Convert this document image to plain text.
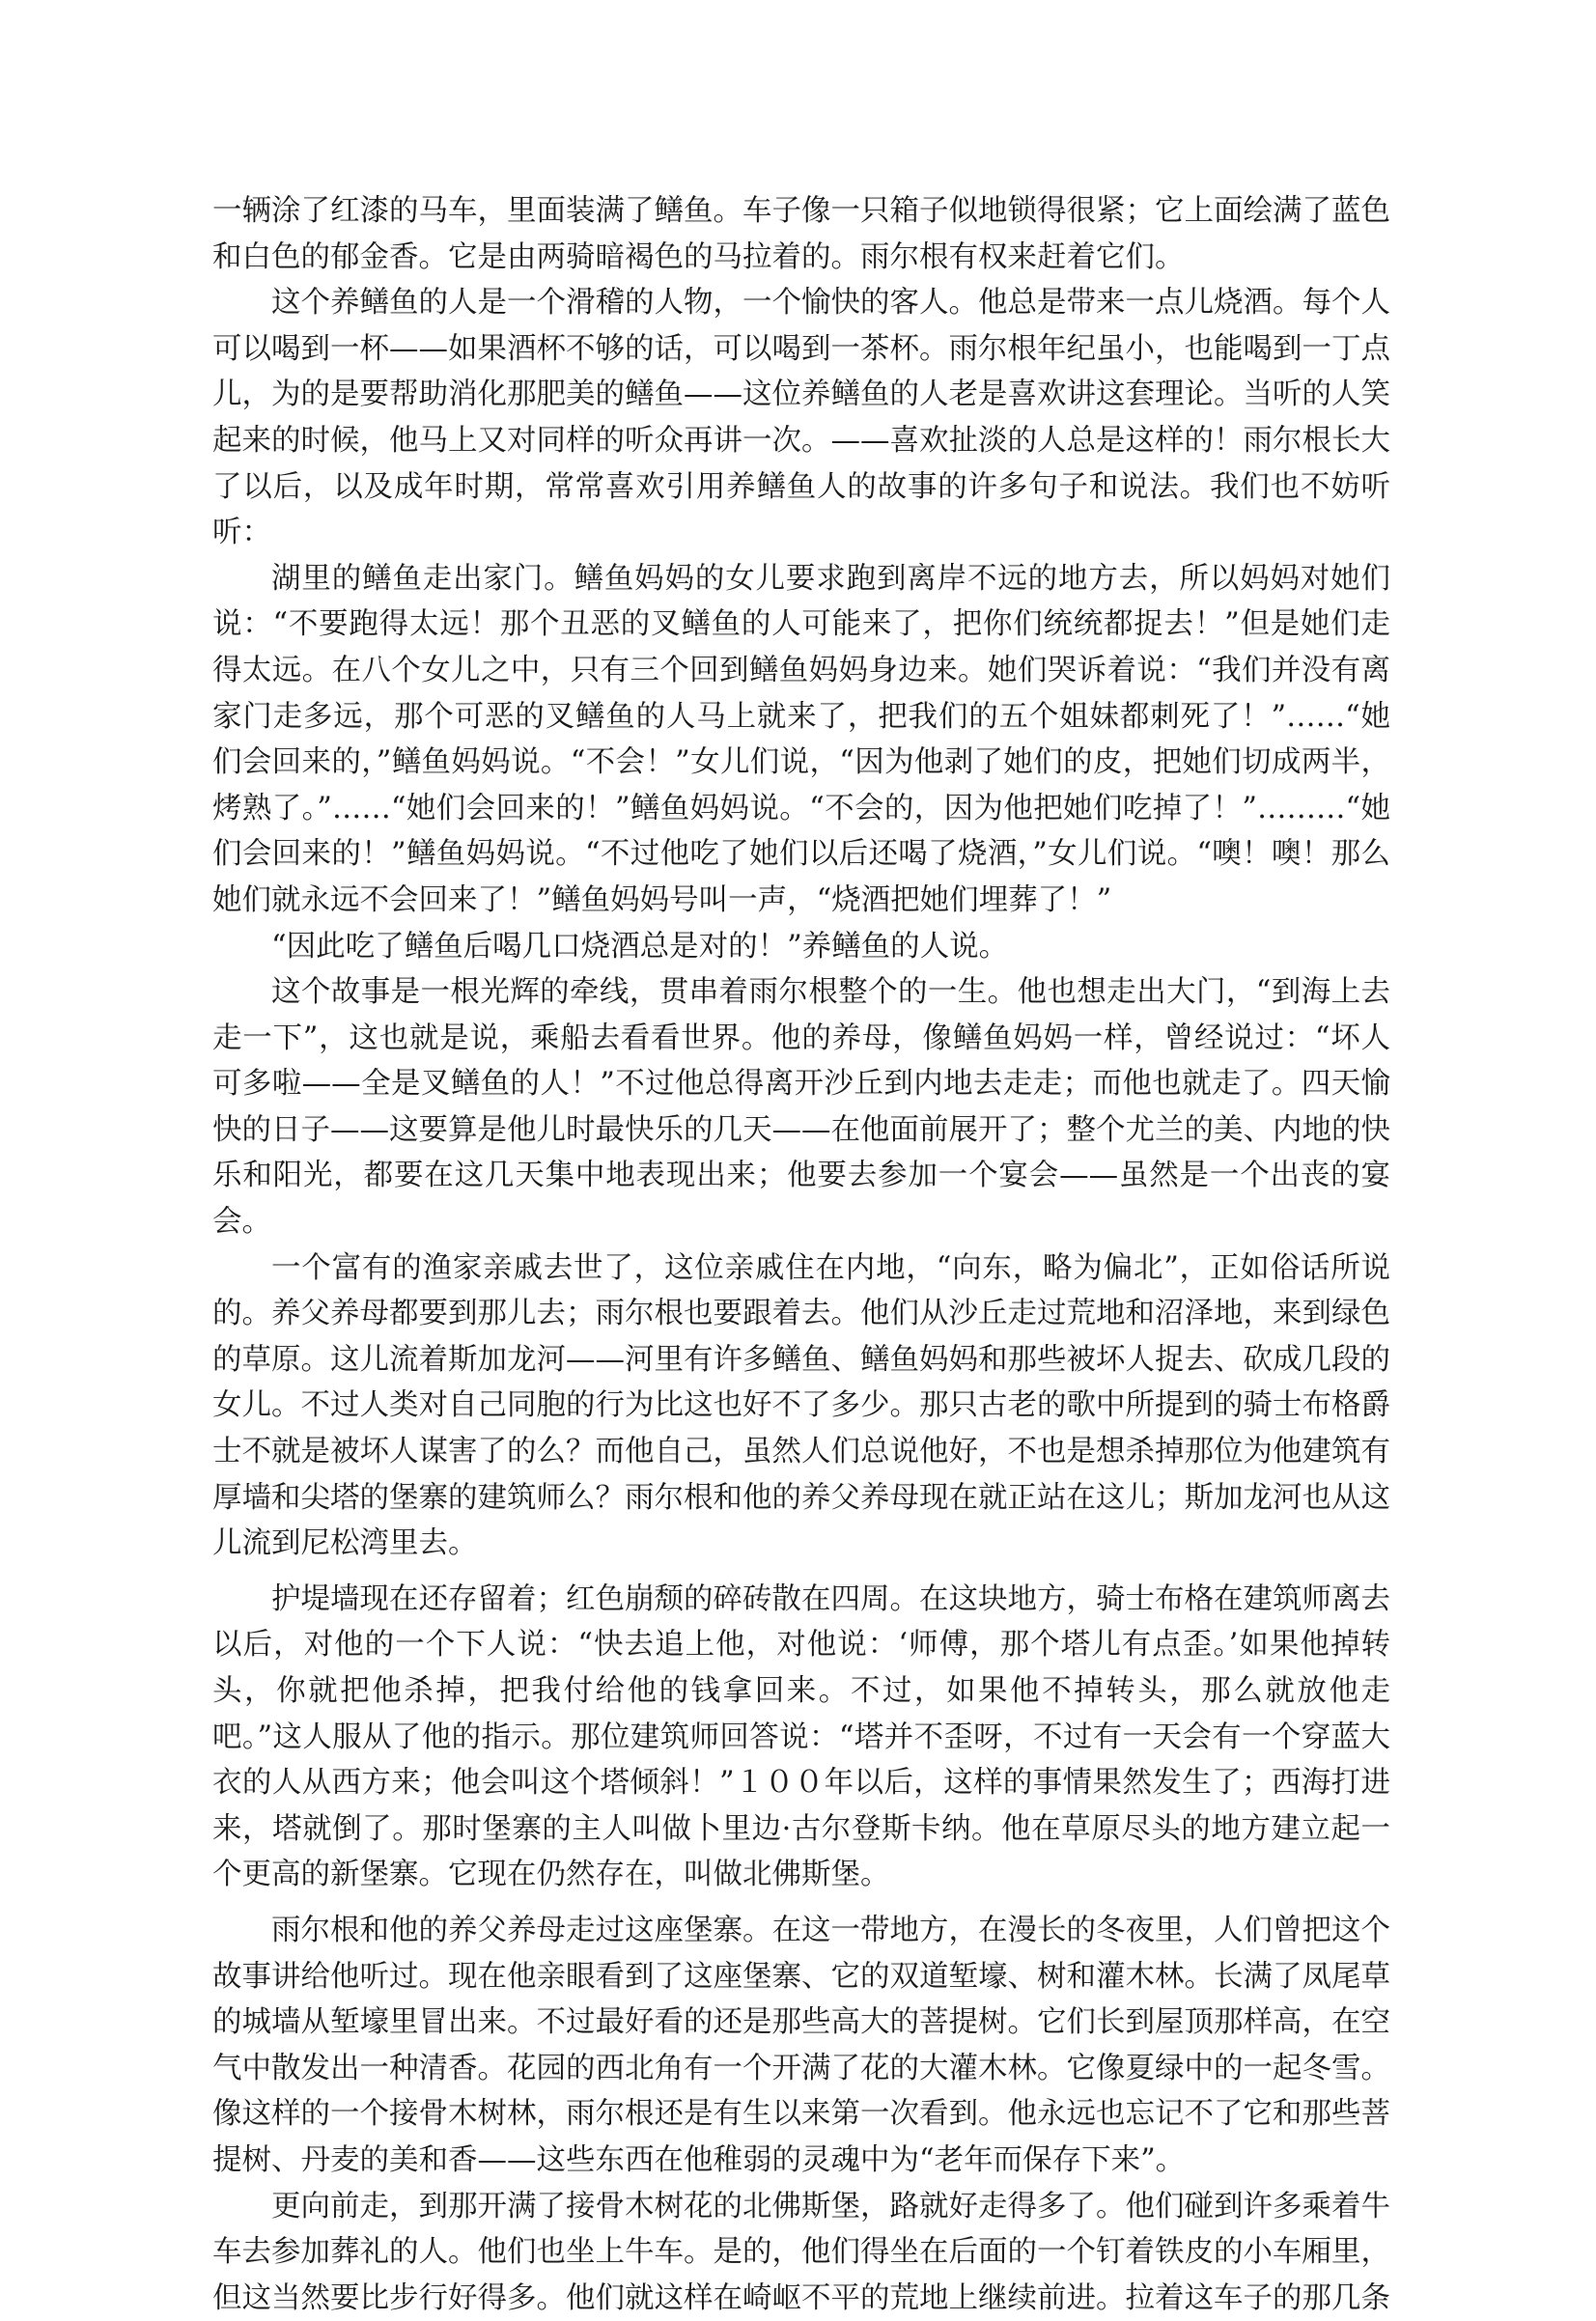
一辆涂了红漆的马车，里面装满了鳝鱼。车子像一只箱子似地锁得很紧；它上面绘满了蓝色和白色的郁金香。它是由两骑暗褐色的马拉着的。雨尔根有权来赶着它们。

这个养鳝鱼的人是一个滑稽的人物，一个愉快的客人。他总是带来一点儿烧酒。每个人可以喝到一杯——如果酒杯不够的话，可以喝到一茶杯。雨尔根年纪虽小，也能喝到一丁点儿，为的是要帮助消化那肥美的鳝鱼——这位养鳝鱼的人老是喜欢讲这套理论。当听的人笑起来的时候，他马上又对同样的听众再讲一次。——喜欢扯淡的人总是这样的！雨尔根长大了以后，以及成年时期，常常喜欢引用养鳝鱼人的故事的许多句子和说法。我们也不妨听听：

湖里的鳝鱼走出家门。鳝鱼妈妈的女儿要求跑到离岸不远的地方去，所以妈妈对她们说：“不要跑得太远！那个丑恶的叉鳝鱼的人可能来了，把你们统统都捉去！”但是她们走得太远。在八个女儿之中，只有三个回到鳝鱼妈妈身边来。她们哭诉着说：“我们并没有离家门走多远，那个可恶的叉鳝鱼的人马上就来了，把我们的五个姐妹都刺死了！”……“她们会回来的，”鳝鱼妈妈说。“不会！”女儿们说，“因为他剥了她们的皮，把她们切成两半，烤熟了。”……“她们会回来的！”鳝鱼妈妈说。“不会的，因为他把她们吃掉了！”………“她们会回来的！”鳝鱼妈妈说。“不过他吃了她们以后还喝了烧酒，”女儿们说。“噢！噢！那么她们就永远不会回来了！”鳝鱼妈妈号叫一声，“烧酒把她们埋葬了！”

“因此吃了鳝鱼后喝几口烧酒总是对的！”养鳝鱼的人说。

这个故事是一根光辉的牵线，贯串着雨尔根整个的一生。他也想走出大门，“到海上去走一下”，这也就是说，乘船去看看世界。他的养母，像鳝鱼妈妈一样，曾经说过：“坏人可多啦——全是叉鳝鱼的人！”不过他总得离开沙丘到内地去走走；而他也就走了。四天愉快的日子——这要算是他儿时最快乐的几天——在他面前展开了；整个尤兰的美、内地的快乐和阳光，都要在这几天集中地表现出来；他要去参加一个宴会——虽然是一个出丧的宴会。

一个富有的渔家亲戚去世了，这位亲戚住在内地，“向东，略为偏北”，正如俗话所说的。养父养母都要到那儿去；雨尔根也要跟着去。他们从沙丘走过荒地和沼泽地，来到绿色的草原。这儿流着斯加龙河——河里有许多鳝鱼、鳝鱼妈妈和那些被坏人捉去、砍成几段的女儿。不过人类对自己同胞的行为比这也好不了多少。那只古老的歌中所提到的骑士布格爵士不就是被坏人谋害了的么？而他自己，虽然人们总说他好，不也是想杀掉那位为他建筑有厚墙和尖塔的堡寨的建筑师么？雨尔根和他的养父养母现在就正站在这儿；斯加龙河也从这儿流到尼松湾里去。

护堤墙现在还存留着；红色崩颓的碎砖散在四周。在这块地方，骑士布格在建筑师离去以后，对他的一个下人说：“快去追上他，对他说：‘师傅，那个塔儿有点歪。’如果他掉转头，你就把他杀掉，把我付给他的钱拿回来。不过，如果他不掉转头，那么就放他走吧。”这人服从了他的指示。那位建筑师回答说：“塔并不歪呀，不过有一天会有一个穿蓝大衣的人从西方来；他会叫这个塔倾斜！”１００年以后，这样的事情果然发生了；西海打进来，塔就倒了。那时堡寨的主人叫做卜里边·古尔登斯卡纳。他在草原尽头的地方建立起一个更高的新堡寨。它现在仍然存在，叫做北佛斯堡。

雨尔根和他的养父养母走过这座堡寨。在这一带地方，在漫长的冬夜里，人们曾把这个故事讲给他听过。现在他亲眼看到了这座堡寨、它的双道堑壕、树和灌木林。长满了凤尾草的城墙从堑壕里冒出来。不过最好看的还是那些高大的菩提树。它们长到屋顶那样高，在空气中散发出一种清香。花园的西北角有一个开满了花的大灌木林。它像夏绿中的一起冬雪。像这样的一个接骨木树林，雨尔根还是有生以来第一次看到。他永远也忘记不了它和那些菩提树、丹麦的美和香——这些东西在他稚弱的灵魂中为“老年而保存下来”。

更向前走，到那开满了接骨木树花的北佛斯堡，路就好走得多了。他们碰到许多乘着牛车去参加葬礼的人。他们也坐上牛车。是的，他们得坐在后面的一个钉着铁皮的小车厢里，但这当然要比步行好得多。他们就这样在崎岖不平的荒地上继续前进。拉着这车子的那几条
